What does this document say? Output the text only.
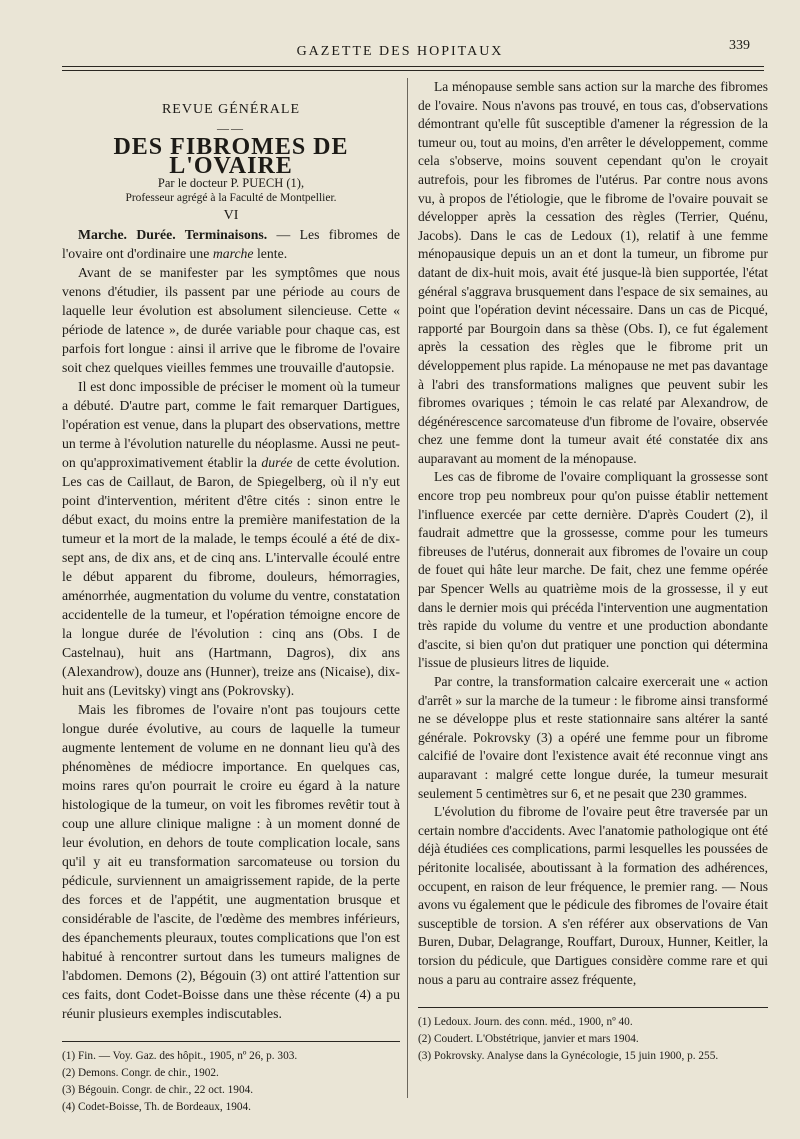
GAZETTE DES HOPITAUX	339

REVUE GÉNÉRALE

——

DES FIBROMES DE L'OVAIRE

Par le docteur P. PUECH (1),

Professeur agrégé à la Faculté de Montpellier.

VI

Marche. Durée. Terminaisons. — Les fibromes de l'ovaire ont d'ordinaire une marche lente.

Avant de se manifester par les symptômes que nous venons d'étudier, ils passent par une période au cours de laquelle leur évolution est absolument silencieuse. Cette « période de latence », de durée variable pour chaque cas, est parfois fort longue : ainsi il arrive que le fibrome de l'ovaire soit chez quelques vieilles femmes une trouvaille d'autopsie.

Il est donc impossible de préciser le moment où la tumeur a débuté. D'autre part, comme le fait remarquer Dartigues, l'opération est venue, dans la plupart des observations, mettre un terme à l'évolution naturelle du néoplasme. Aussi ne peut-on qu'approximativement établir la durée de cette évolution. Les cas de Caillaut, de Baron, de Spiegelberg, où il n'y eut point d'intervention, méritent d'être cités : sinon entre le début exact, du moins entre la première manifestation de la tumeur et la mort de la malade, le temps écoulé a été de dix-sept ans, de dix ans, et de cinq ans. L'intervalle écoulé entre le début apparent du fibrome, douleurs, hémorragies, aménorrhée, augmentation du volume du ventre, constatation accidentelle de la tumeur, et l'opération témoigne encore de la longue durée de l'évolution : cinq ans (Obs. I de Castelnau), huit ans (Hartmann, Dagros), dix ans (Alexandrow), douze ans (Hunner), treize ans (Nicaise), dix-huit ans (Levitsky) vingt ans (Pokrovsky).

Mais les fibromes de l'ovaire n'ont pas toujours cette longue durée évolutive, au cours de laquelle la tumeur augmente lentement de volume en ne donnant lieu qu'à des phénomènes de médiocre importance. En quelques cas, moins rares qu'on pourrait le croire eu égard à la nature histologique de la tumeur, on voit les fibromes revêtir tout à coup une allure clinique maligne : à un moment donné de leur évolution, en dehors de toute complication locale, sans qu'il y ait eu transformation sarcomateuse ou torsion du pédicule, surviennent un amaigrissement rapide, de la perte des forces et de l'appétit, une augmentation brusque et considérable de l'ascite, de l'œdème des membres inférieurs, des épanchements pleuraux, toutes complications que l'on est habitué à rencontrer surtout dans les tumeurs malignes de l'abdomen. Demons (2), Bégouin (3) ont attiré l'attention sur ces faits, dont Codet-Boisse dans une thèse récente (4) a pu réunir plusieurs exemples indiscutables.

(1) Fin. — Voy. Gaz. des hôpit., 1905, nº 26, p. 303.
(2) Demons. Congr. de chir., 1902.
(3) Bégouin. Congr. de chir., 22 oct. 1904.
(4) Codet-Boisse, Th. de Bordeaux, 1904.

La ménopause semble sans action sur la marche des fibromes de l'ovaire. Nous n'avons pas trouvé, en tous cas, d'observations démontrant qu'elle fût susceptible d'amener la régression de la tumeur ou, tout au moins, d'en arrêter le développement, comme cela s'observe, moins souvent cependant qu'on le croyait autrefois, pour les fibromes de l'utérus. Par contre nous avons vu, à propos de l'étiologie, que le fibrome de l'ovaire pouvait se développer après la cessation des règles (Terrier, Quénu, Jacobs). Dans le cas de Ledoux (1), relatif à une femme ménopausique depuis un an et dont la tumeur, un fibrome pur datant de dix-huit mois, avait été jusque-là bien supportée, l'état général s'aggrava brusquement dans l'espace de six semaines, au point que l'opération devint nécessaire. Dans un cas de Picqué, rapporté par Bourgoin dans sa thèse (Obs. I), ce fut également après la cessation des règles que le fibrome prit un développement plus rapide. La ménopause ne met pas davantage à l'abri des transformations malignes que peuvent subir les fibromes ovariques ; témoin le cas relaté par Alexandrow, de dégénérescence sarcomateuse d'un fibrome de l'ovaire, observée chez une femme dont la tumeur avait été constatée dix ans auparavant au moment de la ménopause.

Les cas de fibrome de l'ovaire compliquant la grossesse sont encore trop peu nombreux pour qu'on puisse établir nettement l'influence exercée par cette dernière. D'après Coudert (2), il faudrait admettre que la grossesse, comme pour les tumeurs fibreuses de l'utérus, donnerait aux fibromes de l'ovaire un coup de fouet qui hâte leur marche. De fait, chez une femme opérée par Spencer Wells au quatrième mois de la grossesse, il y eut dans le dernier mois qui précéda l'intervention une augmentation très rapide du volume du ventre et une production abondante d'ascite, si bien qu'on dut pratiquer une ponction qui détermina l'issue de plusieurs litres de liquide.

Par contre, la transformation calcaire exercerait une « action d'arrêt » sur la marche de la tumeur : le fibrome ainsi transformé ne se développe plus et reste stationnaire sans altérer la santé générale. Pokrovsky (3) a opéré une femme pour un fibrome calcifié de l'ovaire dont l'existence avait été reconnue vingt ans auparavant : malgré cette longue durée, la tumeur mesurait seulement 5 centimètres sur 6, et ne pesait que 230 grammes.

L'évolution du fibrome de l'ovaire peut être traversée par un certain nombre d'accidents. Avec l'anatomie pathologique ont été déjà étudiées ces complications, parmi lesquelles les poussées de péritonite localisée, aboutissant à la formation des adhérences, occupent, en raison de leur fréquence, le premier rang. — Nous avons vu également que le pédicule des fibromes de l'ovaire était susceptible de torsion. A s'en référer aux observations de Van Buren, Dubar, Delagrange, Rouffart, Duroux, Hunner, Keitler, la torsion du pédicule, que Dartigues considère comme rare et qui nous a paru au contraire assez fréquente,

(1) Ledoux. Journ. des conn. méd., 1900, nº 40.
(2) Coudert. L'Obstétrique, janvier et mars 1904.
(3) Pokrovsky. Analyse dans la Gynécologie, 15 juin 1900, p. 255.
